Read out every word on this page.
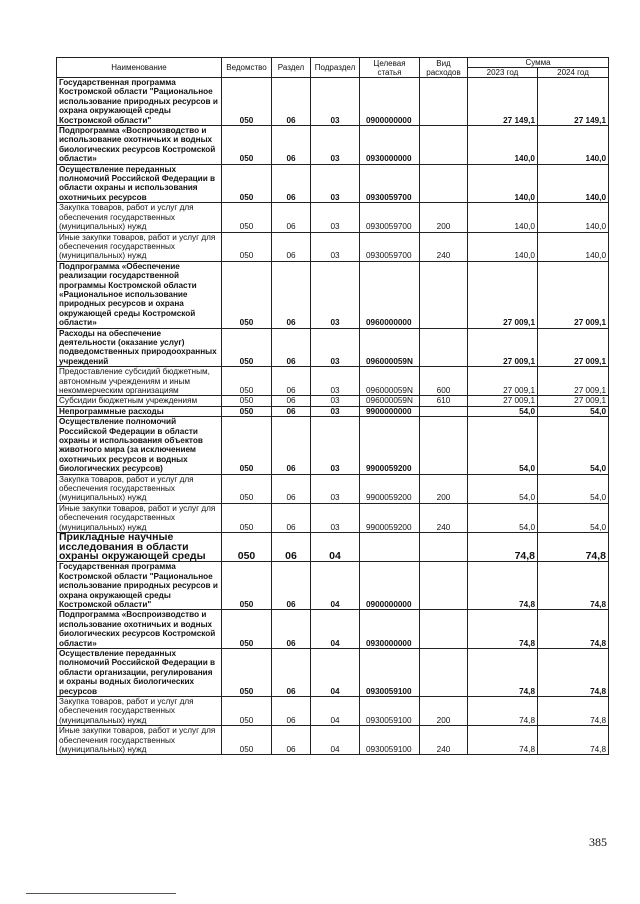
Наименование	Ведомство	Раздел	Подраздел	Целевая статья	Вид расходов	Сумма	
						2023 год	2024 год
Государственная программа Костромской области "Рациональное использование природных ресурсов и охрана окружающей среды Костромской области"	050	06	03	0900000000		27 149,1	27 149,1
Подпрограмма «Воспроизводство и использование охотничьих и водных биологических ресурсов Костромской области»	050	06	03	0930000000		140,0	140,0
Осуществление переданных полномочий Российской Федерации в области охраны и использования охотничьих ресурсов	050	06	03	0930059700		140,0	140,0
Закупка товаров, работ и услуг для обеспечения государственных (муниципальных) нужд	050	06	03	0930059700	200	140,0	140,0
Иные закупки товаров, работ и услуг для обеспечения государственных (муниципальных) нужд	050	06	03	0930059700	240	140,0	140,0
Подпрограмма «Обеспечение реализации государственной программы Костромской области «Рациональное использование природных ресурсов и охрана окружающей среды Костромской области»	050	06	03	0960000000		27 009,1	27 009,1
Расходы на обеспечение деятельности (оказание услуг) подведомственных природоохранных учреждений	050	06	03	096000059N		27 009,1	27 009,1
Предоставление субсидий бюджетным, автономным учреждениям и иным некоммерческим организациям	050	06	03	096000059N	600	27 009,1	27 009,1
Субсидии бюджетным учреждениям	050	06	03	096000059N	610	27 009,1	27 009,1
Непрограммные расходы	050	06	03	9900000000		54,0	54,0
Осуществление полномочий Российской Федерации в области охраны и использования объектов животного мира (за исключением охотничьих ресурсов и водных биологических ресурсов)	050	06	03	9900059200		54,0	54,0
Закупка товаров, работ и услуг для обеспечения государственных (муниципальных) нужд	050	06	03	9900059200	200	54,0	54,0
Иные закупки товаров, работ и услуг для обеспечения государственных (муниципальных) нужд	050	06	03	9900059200	240	54,0	54,0
Прикладные научные исследования в области охраны окружающей среды	050	06	04			74,8	74,8
Государственная программа Костромской области "Рациональное использование природных ресурсов и охрана окружающей среды Костромской области"	050	06	04	0900000000		74,8	74,8
Подпрограмма «Воспроизводство и использование охотничьих и водных биологических ресурсов Костромской области»	050	06	04	0930000000		74,8	74,8
Осуществление переданных полномочий Российской Федерации в области организации, регулирования и охраны водных биологических ресурсов	050	06	04	0930059100		74,8	74,8
Закупка товаров, работ и услуг для обеспечения государственных (муниципальных) нужд	050	06	04	0930059100	200	74,8	74,8
Иные закупки товаров, работ и услуг для обеспечения государственных (муниципальных) нужд	050	06	04	0930059100	240	74,8	74,8
385
